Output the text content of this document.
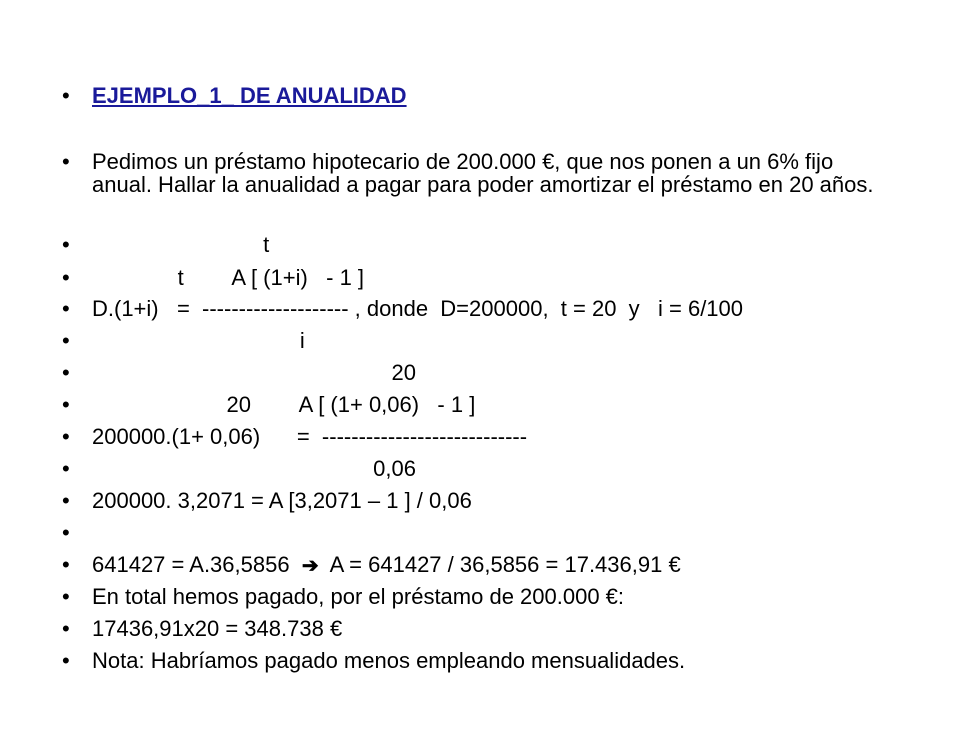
•

	EJEMPLO_1_ DE ANUALIDAD

•

	Pedimos un préstamo hipotecario de 200.000 €, que nos ponen a un 6% fijo anual. Hallar la anualidad a pagar para poder amortizar el préstamo en 20 años.

•

	t

•

	t        A [ (1+i)   - 1 ]

•

	D.(1+i)   =  -------------------- , donde  D=200000,  t = 20  y   i = 6/100

•

	i

•

	20

•

	20        A [ (1+ 0,06)   - 1 ]

•

	200000.(1+ 0,06)      =  ----------------------------

•

	0,06

•

	200000. 3,2071 = A [3,2071 – 1 ] / 0,06

•

•

	641427 = A.36,5856  ➔  A = 641427 / 36,5856 = 17.436,91 €

•

	En total hemos pagado, por el préstamo de 200.000 €:

•

	17436,91x20 = 348.738 €

•

	Nota: Habríamos pagado menos empleando mensualidades.
